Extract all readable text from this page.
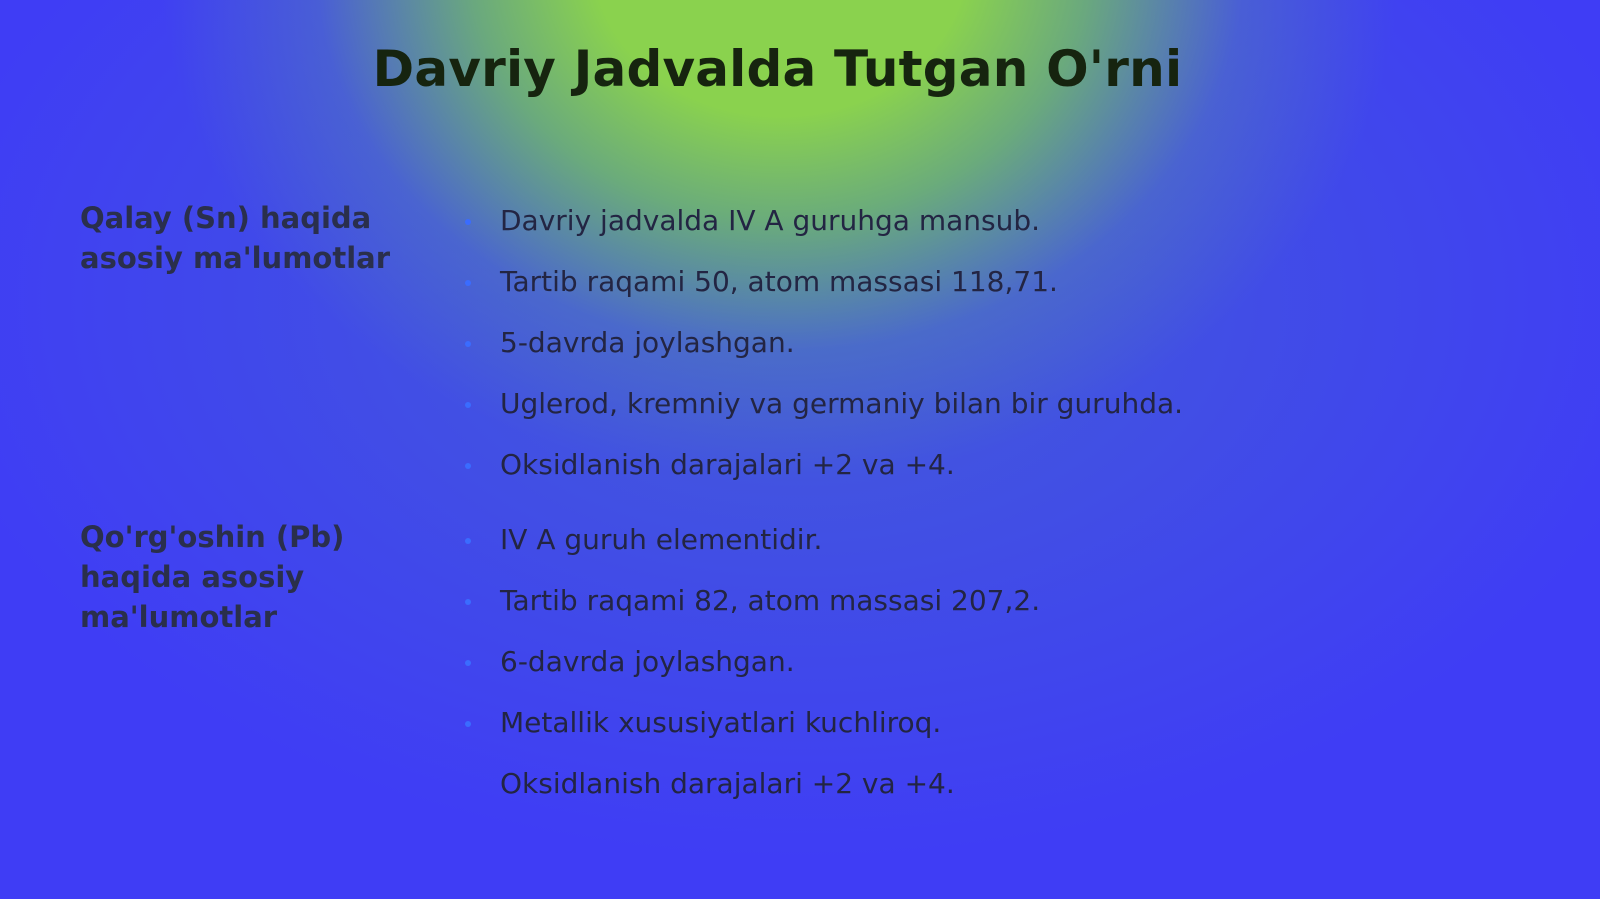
Davriy Jadvalda Tutgan O'rni
Qalay (Sn) haqida asosiy ma'lumotlar
Davriy jadvalda IV A guruhga mansub.
Tartib raqami 50, atom massasi 118,71.
5-davrda joylashgan.
Uglerod, kremniy va germaniy bilan bir guruhda.
Oksidlanish darajalari +2 va +4.
Qo'rg'oshin (Pb) haqida asosiy ma'lumotlar
IV A guruh elementidir.
Tartib raqami 82, atom massasi 207,2.
6-davrda joylashgan.
Metallik xususiyatlari kuchliroq.
Oksidlanish darajalari +2 va +4.
